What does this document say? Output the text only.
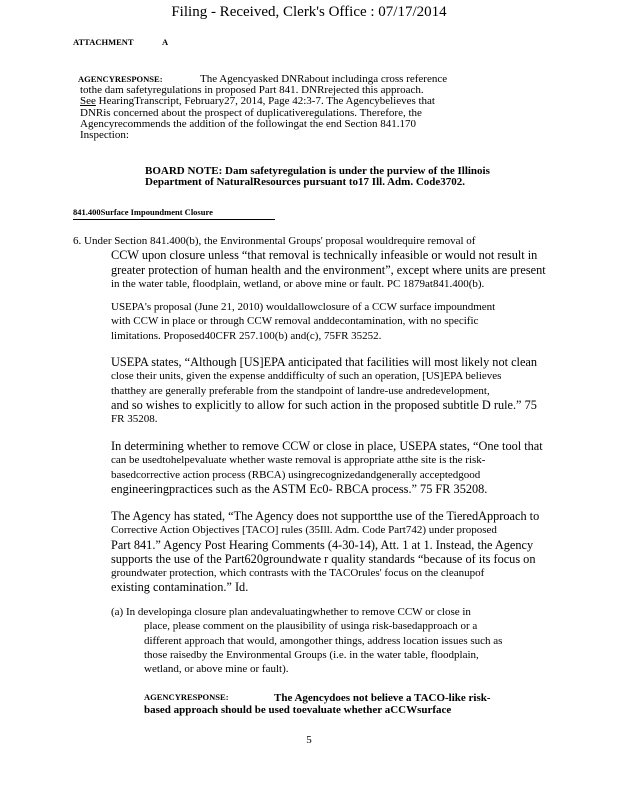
Filing - Received, Clerk's Office : 07/17/2014
ATTACHMENT	A
AGENCYRESPONSE:	The Agencyasked DNRabout includinga cross reference
tothe dam safetyregulations in proposed Part 841. DNRrejected this approach.
See HearingTranscript, February27, 2014, Page 42:3-7. The Agencybelieves that
DNRis concerned about the prospect of duplicativeregulations. Therefore, the
Agencyrecommends the addition of the followingat the end Section 841.170
Inspection:
BOARD NOTE: Dam safetyregulation is under the purview of the Illinois
Department of NaturalResources pursuant to17 Ill. Adm. Code3702.
841.400Surface Impoundment Closure
6. Under Section 841.400(b), the Environmental Groups' proposal wouldrequire removal of
CCW upon closure unless “that removal is technically infeasible or would not result in
greater protection of human health and the environment”, except where units are present
in the water table, floodplain, wetland, or above mine or fault. PC 1879at841.400(b).
USEPA's proposal (June 21, 2010) wouldallowclosure of a CCW surface impoundment
with CCW in place or through CCW removal anddecontamination, with no specific
limitations. Proposed40CFR 257.100(b) and(c), 75FR 35252.
USEPA states, “Although [US]EPA anticipated that facilities will most likely not clean
close their units, given the expense anddifficulty of such an operation, [US]EPA believes
thatthey are generally preferable from the standpoint of landre-use andredevelopment,
and so wishes to explicitly to allow for such action in the proposed subtitle D rule.” 75
FR 35208.
In determining whether to remove CCW or close in place, USEPA states, “One tool that
can be usedtohelpevaluate whether waste removal is appropriate atthe site is the risk-
basedcorrective action process (RBCA) usingrecognizedandgenerally acceptedgood
engineeringpractices such as the ASTM Ec0- RBCA process.” 75 FR 35208.
The Agency has stated, “The Agency does not supportthe use of the TieredApproach to
Corrective Action Objectives [TACO] rules (35Ill. Adm. Code Part742) under proposed
Part 841.” Agency Post Hearing Comments (4-30-14), Att. 1 at 1. Instead, the Agency
supports the use of the Part620groundwate r quality standards “because of its focus on
groundwater protection, which contrasts with the TACOrules' focus on the cleanupof
existing contamination.” Id.
(a) In developinga closure plan andevaluatingwhether to remove CCW or close in
place, please comment on the plausibility of usinga risk-basedapproach or a
different approach that would, amongother things, address location issues such as
those raisedby the Environmental Groups (i.e. in the water table, floodplain,
wetland, or above mine or fault).
AGENCYRESPONSE:	The Agencydoes not believe a TACO-like risk-
based approach should be used toevaluate whether aCCWsurface
5
